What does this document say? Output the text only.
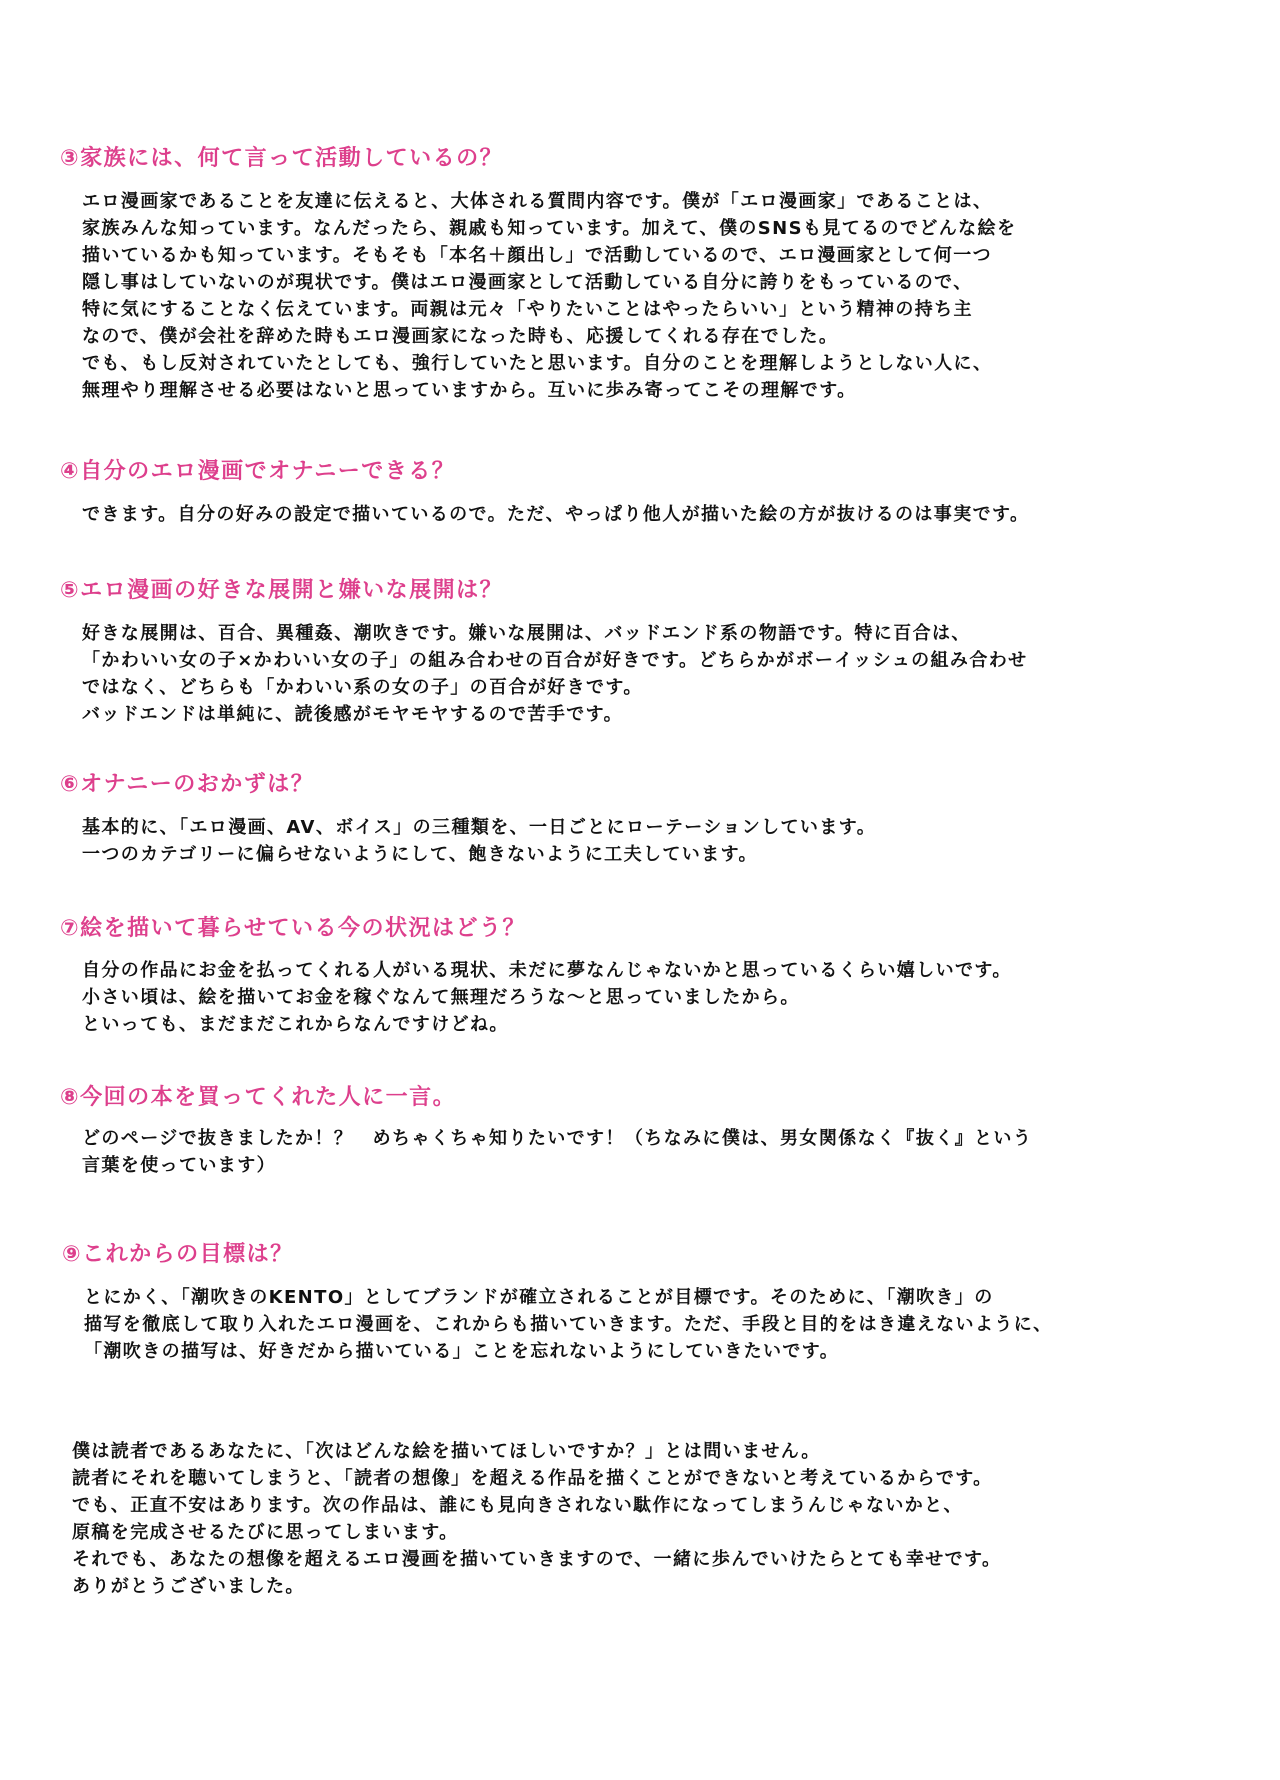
③家族には、何て言って活動しているの？
エロ漫画家であることを友達に伝えると、大体される質問内容です。僕が「エロ漫画家」であることは、
家族みんな知っています。なんだったら、親戚も知っています。加えて、僕のSNSも見てるのでどんな絵を
描いているかも知っています。そもそも「本名＋顔出し」で活動しているので、エロ漫画家として何一つ
隠し事はしていないのが現状です。僕はエロ漫画家として活動している自分に誇りをもっているので、
特に気にすることなく伝えています。両親は元々「やりたいことはやったらいい」という精神の持ち主
なので、僕が会社を辞めた時もエロ漫画家になった時も、応援してくれる存在でした。
でも、もし反対されていたとしても、強行していたと思います。自分のことを理解しようとしない人に、
無理やり理解させる必要はないと思っていますから。互いに歩み寄ってこその理解です。
④自分のエロ漫画でオナニーできる？
できます。自分の好みの設定で描いているので。ただ、やっぱり他人が描いた絵の方が抜けるのは事実です。
⑤エロ漫画の好きな展開と嫌いな展開は？
好きな展開は、百合、異種姦、潮吹きです。嫌いな展開は、バッドエンド系の物語です。特に百合は、
「かわいい女の子×かわいい女の子」の組み合わせの百合が好きです。どちらかがボーイッシュの組み合わせ
ではなく、どちらも「かわいい系の女の子」の百合が好きです。
バッドエンドは単純に、読後感がモヤモヤするので苦手です。
⑥オナニーのおかずは？
基本的に、「エロ漫画、AV、ボイス」の三種類を、一日ごとにローテーションしています。
一つのカテゴリーに偏らせないようにして、飽きないように工夫しています。
⑦絵を描いて暮らせている今の状況はどう？
自分の作品にお金を払ってくれる人がいる現状、未だに夢なんじゃないかと思っているくらい嬉しいです。
小さい頃は、絵を描いてお金を稼ぐなんて無理だろうな〜と思っていましたから。
といっても、まだまだこれからなんですけどね。
⑧今回の本を買ってくれた人に一言。
どのページで抜きましたか！？　めちゃくちゃ知りたいです！（ちなみに僕は、男女関係なく『抜く』という
言葉を使っています）
⑨これからの目標は？
とにかく、「潮吹きのKENTO」としてブランドが確立されることが目標です。そのために、「潮吹き」の
描写を徹底して取り入れたエロ漫画を、これからも描いていきます。ただ、手段と目的をはき違えないように、
「潮吹きの描写は、好きだから描いている」ことを忘れないようにしていきたいです。
僕は読者であるあなたに、「次はどんな絵を描いてほしいですか？」とは問いません。
読者にそれを聴いてしまうと、「読者の想像」を超える作品を描くことができないと考えているからです。
でも、正直不安はあります。次の作品は、誰にも見向きされない駄作になってしまうんじゃないかと、
原稿を完成させるたびに思ってしまいます。
それでも、あなたの想像を超えるエロ漫画を描いていきますので、一緒に歩んでいけたらとても幸せです。
ありがとうございました。
